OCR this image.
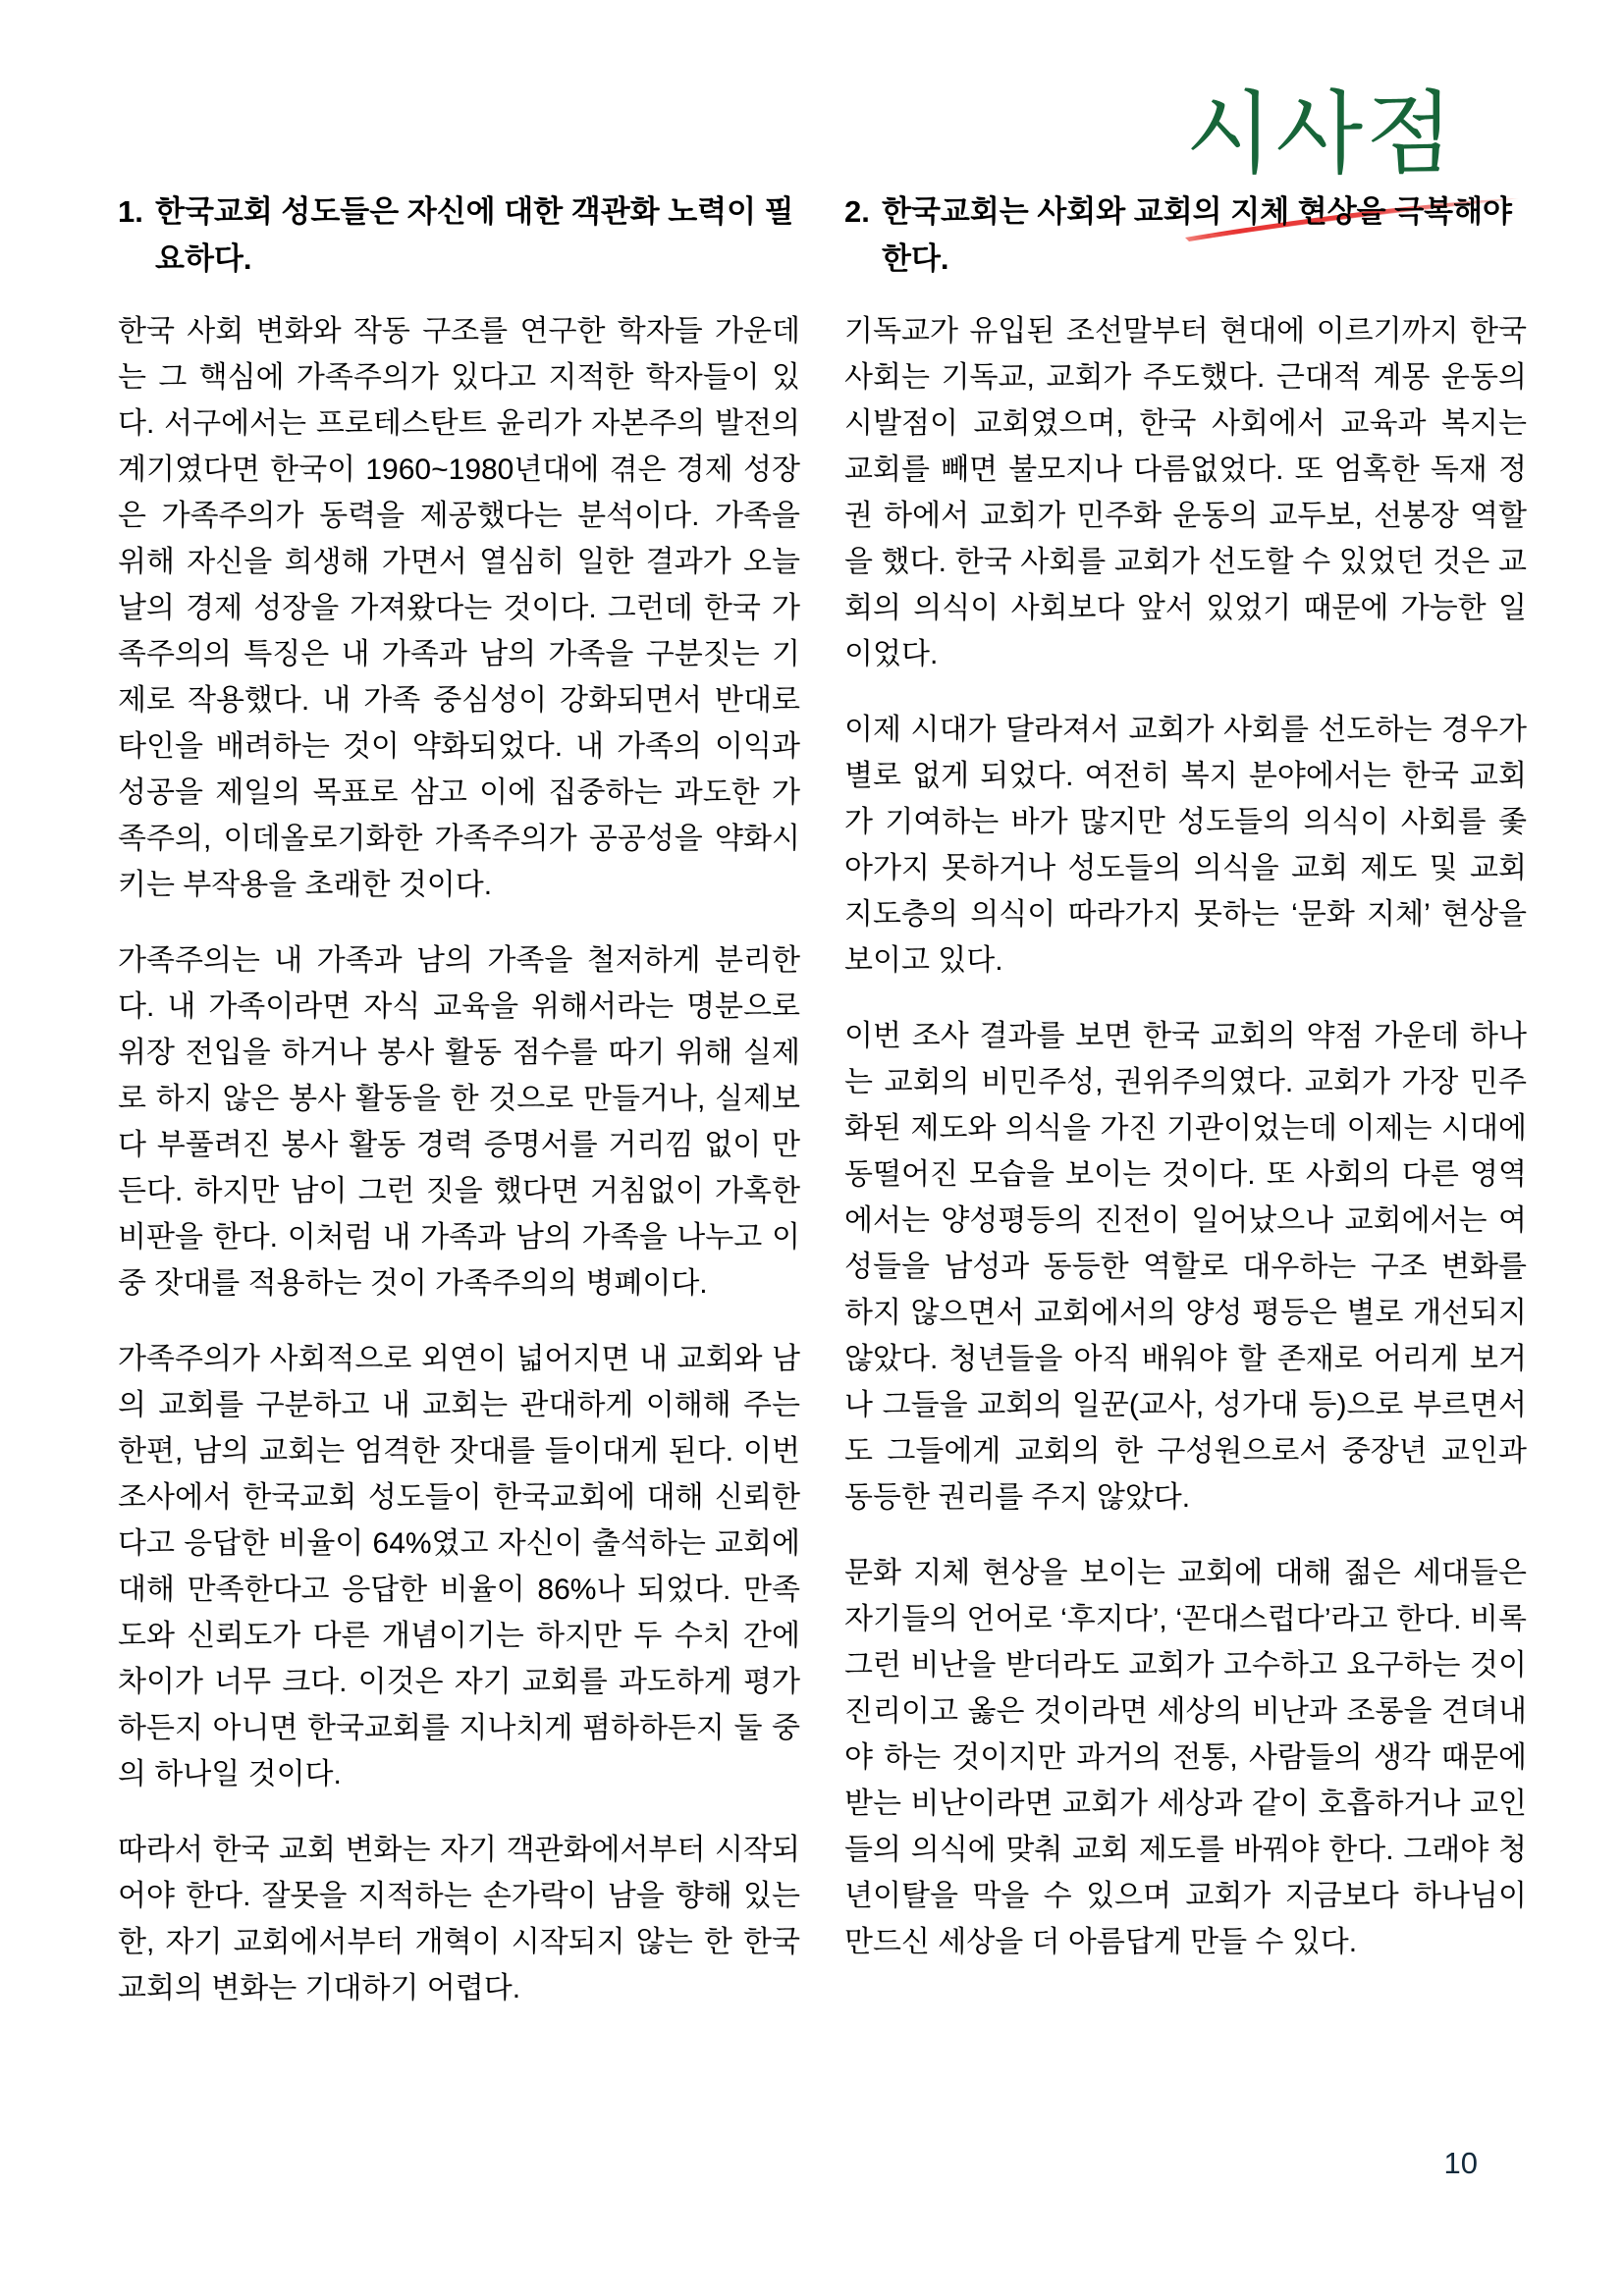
시사점
1. 한국교회 성도들은 자신에 대한 객관화 노력이 필요하다.

한국 사회 변화와 작동 구조를 연구한 학자들 가운데는 그 핵심에 가족주의가 있다고 지적한 학자들이 있다. 서구에서는 프로테스탄트 윤리가 자본주의 발전의 계기였다면 한국이 1960~1980년대에 겪은 경제 성장은 가족주의가 동력을 제공했다는 분석이다. 가족을 위해 자신을 희생해 가면서 열심히 일한 결과가 오늘날의 경제 성장을 가져왔다는 것이다. 그런데 한국 가족주의의 특징은 내 가족과 남의 가족을 구분짓는 기제로 작용했다. 내 가족 중심성이 강화되면서 반대로 타인을 배려하는 것이 약화되었다. 내 가족의 이익과 성공을 제일의 목표로 삼고 이에 집중하는 과도한 가족주의, 이데올로기화한 가족주의가 공공성을 약화시키는 부작용을 초래한 것이다.

가족주의는 내 가족과 남의 가족을 철저하게 분리한다. 내 가족이라면 자식 교육을 위해서라는 명분으로 위장 전입을 하거나 봉사 활동 점수를 따기 위해 실제로 하지 않은 봉사 활동을 한 것으로 만들거나, 실제보다 부풀려진 봉사 활동 경력 증명서를 거리낌 없이 만든다. 하지만 남이 그런 짓을 했다면 거침없이 가혹한 비판을 한다. 이처럼 내 가족과 남의 가족을 나누고 이중 잣대를 적용하는 것이 가족주의의 병폐이다.

가족주의가 사회적으로 외연이 넓어지면 내 교회와 남의 교회를 구분하고 내 교회는 관대하게 이해해 주는 한편, 남의 교회는 엄격한 잣대를 들이대게 된다. 이번 조사에서 한국교회 성도들이 한국교회에 대해 신뢰한다고 응답한 비율이 64%였고 자신이 출석하는 교회에 대해 만족한다고 응답한 비율이 86%나 되었다. 만족도와 신뢰도가 다른 개념이기는 하지만 두 수치 간에 차이가 너무 크다. 이것은 자기 교회를 과도하게 평가하든지 아니면 한국교회를 지나치게 폄하하든지 둘 중의 하나일 것이다.

따라서 한국 교회 변화는 자기 객관화에서부터 시작되어야 한다. 잘못을 지적하는 손가락이 남을 향해 있는 한, 자기 교회에서부터 개혁이 시작되지 않는 한 한국 교회의 변화는 기대하기 어렵다.

2. 한국교회는 사회와 교회의 지체 현상을 극복해야 한다.

기독교가 유입된 조선말부터 현대에 이르기까지 한국 사회는 기독교, 교회가 주도했다. 근대적 계몽 운동의 시발점이 교회였으며, 한국 사회에서 교육과 복지는 교회를 빼면 불모지나 다름없었다. 또 엄혹한 독재 정권 하에서 교회가 민주화 운동의 교두보, 선봉장 역할을 했다. 한국 사회를 교회가 선도할 수 있었던 것은 교회의 의식이 사회보다 앞서 있었기 때문에 가능한 일이었다.

이제 시대가 달라져서 교회가 사회를 선도하는 경우가 별로 없게 되었다. 여전히 복지 분야에서는 한국 교회가 기여하는 바가 많지만 성도들의 의식이 사회를 좇아가지 못하거나 성도들의 의식을 교회 제도 및 교회 지도층의 의식이 따라가지 못하는 ‘문화 지체’ 현상을 보이고 있다.

이번 조사 결과를 보면 한국 교회의 약점 가운데 하나는 교회의 비민주성, 권위주의였다. 교회가 가장 민주화된 제도와 의식을 가진 기관이었는데 이제는 시대에 동떨어진 모습을 보이는 것이다. 또 사회의 다른 영역에서는 양성평등의 진전이 일어났으나 교회에서는 여성들을 남성과 동등한 역할로 대우하는 구조 변화를 하지 않으면서 교회에서의 양성 평등은 별로 개선되지 않았다. 청년들을 아직 배워야 할 존재로 어리게 보거나 그들을 교회의 일꾼(교사, 성가대 등)으로 부르면서도 그들에게 교회의 한 구성원으로서 중장년 교인과 동등한 권리를 주지 않았다.

문화 지체 현상을 보이는 교회에 대해 젊은 세대들은 자기들의 언어로 ‘후지다’, ‘꼰대스럽다’라고 한다. 비록 그런 비난을 받더라도 교회가 고수하고 요구하는 것이 진리이고 옳은 것이라면 세상의 비난과 조롱을 견뎌내야 하는 것이지만 과거의 전통, 사람들의 생각 때문에 받는 비난이라면 교회가 세상과 같이 호흡하거나 교인들의 의식에 맞춰 교회 제도를 바꿔야 한다. 그래야 청년이탈을 막을 수 있으며 교회가 지금보다 하나님이 만드신 세상을 더 아름답게 만들 수 있다.

10
